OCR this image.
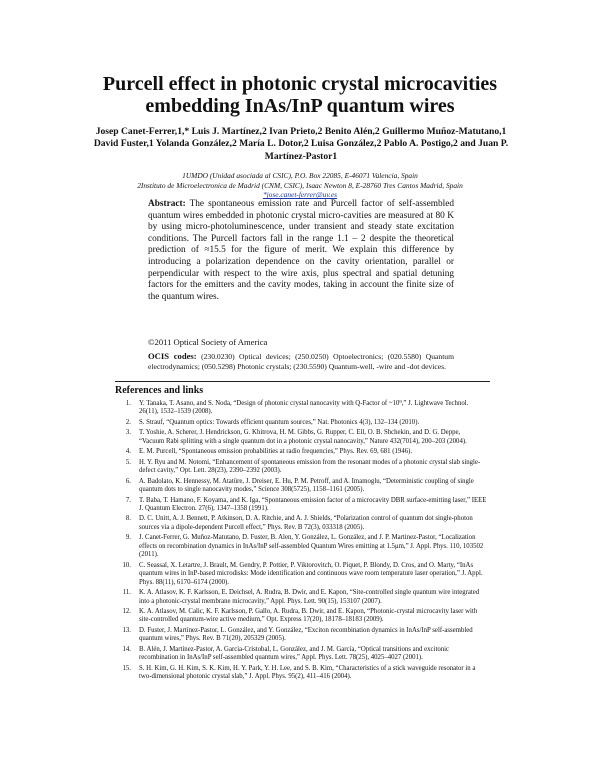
Purcell effect in photonic crystal microcavities embedding InAs/InP quantum wires
Josep Canet-Ferrer,1,* Luis J. Martínez,2 Ivan Prieto,2 Benito Alén,2 Guillermo Muñoz-Matutano,1 David Fuster,1 Yolanda González,2 María L. Dotor,2 Luisa González,2 Pablo A. Postigo,2 and Juan P. Martínez-Pastor1
1UMDO (Unidad asociada al CSIC), P.O. Box 22085, E-46071 Valencia, Spain
2Instituto de Microelectronica de Madrid (CNM, CSIC), Isaac Newton 8, E-28760 Tres Cantos Madrid, Spain
*jose.canet-ferrer@uv.es
Abstract: The spontaneous emission rate and Purcell factor of self-assembled quantum wires embedded in photonic crystal micro-cavities are measured at 80 K by using micro-photoluminescence, under transient and steady state excitation conditions. The Purcell factors fall in the range 1.1 – 2 despite the theoretical prediction of ≈15.5 for the figure of merit. We explain this difference by introducing a polarization dependence on the cavity orientation, parallel or perpendicular with respect to the wire axis, plus spectral and spatial detuning factors for the emitters and the cavity modes, taking in account the finite size of the quantum wires.
©2011 Optical Society of America
OCIS codes: (230.0230) Optical devices; (250.0250) Optoelectronics; (020.5580) Quantum electrodynamics; (050.5298) Photonic crystals; (230.5590) Quantum-well, -wire and -dot devices.
References and links
1. Y. Tanaka, T. Asano, and S. Noda, “Design of photonic crystal nanocavity with Q-Factor of ~10⁹,” J. Lightwave Technol. 26(11), 1532–1539 (2008).
2. S. Strauf, “Quantum optics: Towards efficient quantum sources,” Nat. Photonics 4(3), 132–134 (2010).
3. T. Yoshie, A. Scherer, J. Hendrickson, G. Khitrova, H. M. Gibbs, G. Rupper, C. Ell, O. B. Shchekin, and D. G. Deppe, “Vacuum Rabi splitting with a single quantum dot in a photonic crystal nanocavity,” Nature 432(7014), 200–203 (2004).
4. E. M. Purcell, “Spontaneous emission probabilities at radio frequencies,” Phys. Rev. 69, 681 (1946).
5. H. Y. Ryu and M. Notomi, “Enhancement of spontaneous emission from the resonant modes of a photonic crystal slab single-defect cavity,” Opt. Lett. 28(23), 2390–2392 (2003).
6. A. Badolato, K. Hennessy, M. Atatüre, J. Dreiser, E. Hu, P. M. Petroff, and A. Imamoglu, “Deterministic coupling of single quantum dots to single nanocavity modes,” Science 308(5725), 1158–1161 (2005).
7. T. Baba, T. Hamano, F. Koyama, and K. Iga, “Spontaneous emission factor of a microcavity DBR surface-emitting laser,” IEEE J. Quantum Electron. 27(6), 1347–1358 (1991).
8. D. C. Unitt, A. J. Bennett, P. Atkinson, D. A. Ritchie, and A. J. Shields, “Polarization control of quantum dot single-photon sources via a dipole-dependent Purcell effect,” Phys. Rev. B 72(3), 033318 (2005).
9. J. Canet-Ferrer, G. Muñoz-Matutano, D. Fuster, B. Alen, Y. González, L. González, and J. P. Martinez-Pastor, “Localization effects on recombination dynamics in InAs/InP self-assembled Quantum Wires emitting at 1.5μm,” J. Appl. Phys. 110, 103502 (2011).
10. C. Seassal, X. Letartre, J. Brault, M. Gendry, P. Pottier, P. Viktorovitch, O. Piquet, P. Blondy, D. Cros, and O. Marty, “InAs quantum wires in InP-based microdisks: Mode identification and continuous wave room temperature laser operation,” J. Appl. Phys. 88(11), 6170–6174 (2000).
11. K. A. Atlasov, K. F. Karlsson, E. Deichsel, A. Rudra, B. Dwir, and E. Kapon, “Site-controlled single quantum wire integrated into a photonic-crystal membrane microcavity,” Appl. Phys. Lett. 90(15), 153107 (2007).
12. K. A. Atlasov, M. Calic, K. F. Karlsson, P. Gallo, A. Rudra, B. Dwir, and E. Kapon, “Photonic-crystal microcavity laser with site-controlled quantum-wire active medium,” Opt. Express 17(20), 18178–18183 (2009).
13. D. Fuster, J. Martínez-Pastor, L. González, and Y. González, “Exciton recombination dynamics in InAs/InP self-assembled quantum wires,” Phys. Rev. B 71(20), 205329 (2005).
14. B. Alén, J. Martínez-Pastor, A. Garcia-Cristobal, L. González, and J. M. García, “Optical transitions and excitonic recombination in InAs/InP self-assembled quantum wires,” Appl. Phys. Lett. 78(25), 4025–4027 (2001).
15. S. H. Kim, G. H. Kim, S. K. Kim, H. Y. Park, Y. H. Lee, and S. B. Kim, “Characteristics of a stick waveguide resonator in a two-dimensional photonic crystal slab,” J. Appl. Phys. 95(2), 411–416 (2004).
